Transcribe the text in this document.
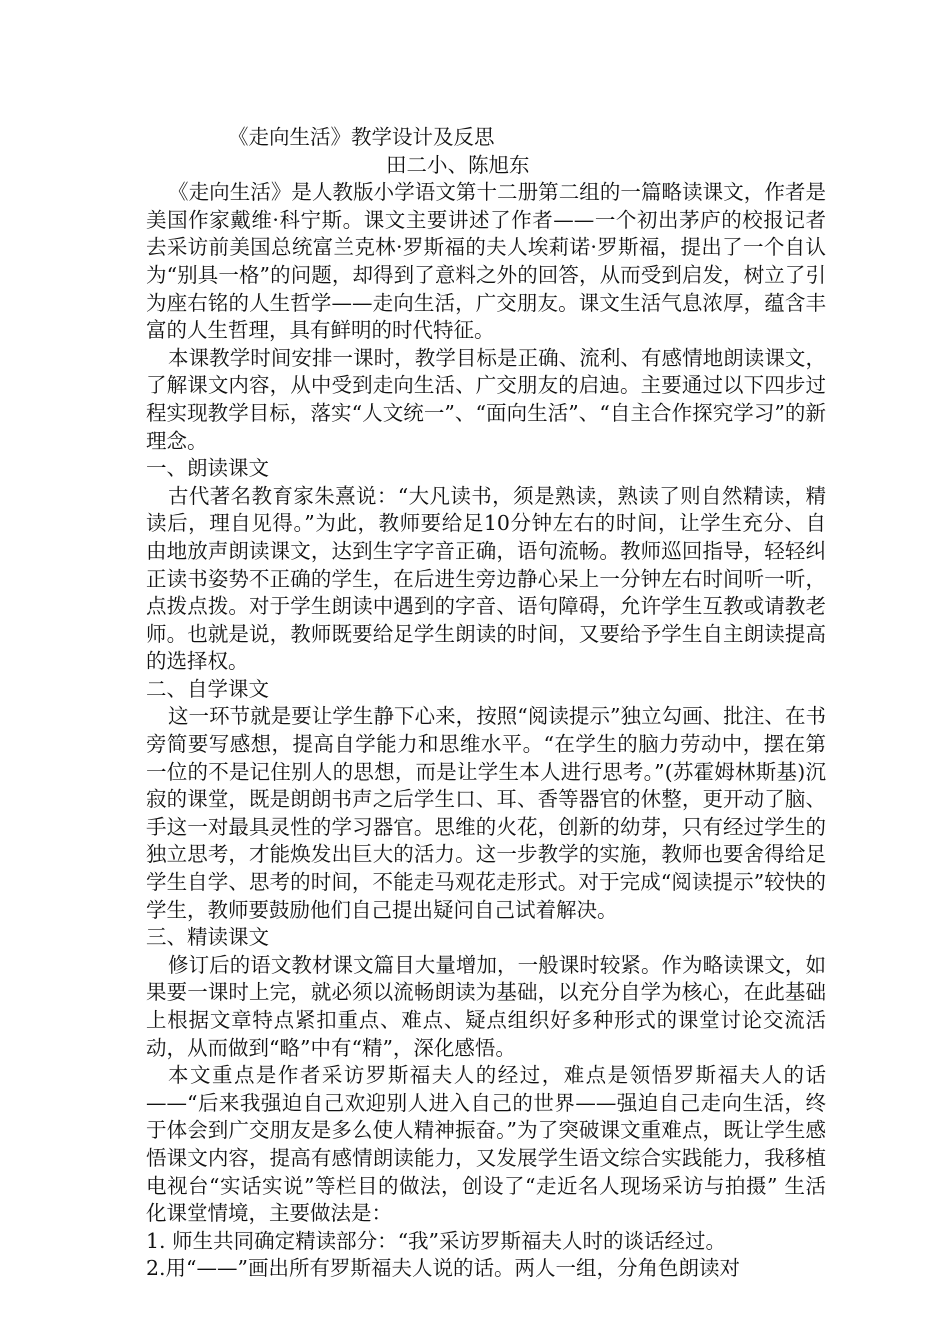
《走向生活》教学设计及反思

田二小、陈旭东

《走向生活》是人教版小学语文第十二册第二组的一篇略读课文，作者是美国作家戴维·科宁斯。课文主要讲述了作者——一个初出茅庐的校报记者去采访前美国总统富兰克林·罗斯福的夫人埃莉诺·罗斯福，提出了一个自认为“别具一格”的问题，却得到了意料之外的回答，从而受到启发，树立了引为座右铭的人生哲学——走向生活，广交朋友。课文生活气息浓厚，蕴含丰富的人生哲理，具有鲜明的时代特征。

本课教学时间安排一课时，教学目标是正确、流利、有感情地朗读课文，了解课文内容，从中受到走向生活、广交朋友的启迪。主要通过以下四步过程实现教学目标，落实“人文统一”、“面向生活”、“自主合作探究学习”的新理念。

一、朗读课文

古代著名教育家朱熹说：“大凡读书，须是熟读，熟读了则自然精读，精读后，理自见得。”为此，教师要给足10分钟左右的时间，让学生充分、自由地放声朗读课文，达到生字字音正确，语句流畅。教师巡回指导，轻轻纠正读书姿势不正确的学生，在后进生旁边静心呆上一分钟左右时间听一听，点拨点拨。对于学生朗读中遇到的字音、语句障碍，允许学生互教或请教老师。也就是说，教师既要给足学生朗读的时间，又要给予学生自主朗读提高的选择权。

二、自学课文

这一环节就是要让学生静下心来，按照“阅读提示”独立勾画、批注、在书旁简要写感想，提高自学能力和思维水平。“在学生的脑力劳动中，摆在第一位的不是记住别人的思想，而是让学生本人进行思考。”(苏霍姆林斯基)沉寂的课堂，既是朗朗书声之后学生口、耳、香等器官的休整，更开动了脑、手这一对最具灵性的学习器官。思维的火花，创新的幼芽，只有经过学生的独立思考，才能焕发出巨大的活力。这一步教学的实施，教师也要舍得给足学生自学、思考的时间，不能走马观花走形式。对于完成“阅读提示”较快的学生，教师要鼓励他们自己提出疑问自己试着解决。

三、精读课文

修订后的语文教材课文篇目大量增加，一般课时较紧。作为略读课文，如果要一课时上完，就必须以流畅朗读为基础，以充分自学为核心，在此基础上根据文章特点紧扣重点、难点、疑点组织好多种形式的课堂讨论交流活动，从而做到“略”中有“精”，深化感悟。

本文重点是作者采访罗斯福夫人的经过，难点是领悟罗斯福夫人的话——“后来我强迫自己欢迎别人进入自己的世界——强迫自己走向生活，终于体会到广交朋友是多么使人精神振奋。”为了突破课文重难点，既让学生感悟课文内容，提高有感情朗读能力，又发展学生语文综合实践能力，我移植电视台“实话实说”等栏目的做法，创设了“走近名人现场采访与拍摄” 生活化课堂情境，主要做法是：

1. 师生共同确定精读部分：“我”采访罗斯福夫人时的谈话经过。

2.用“——”画出所有罗斯福夫人说的话。两人一组，分角色朗读对
